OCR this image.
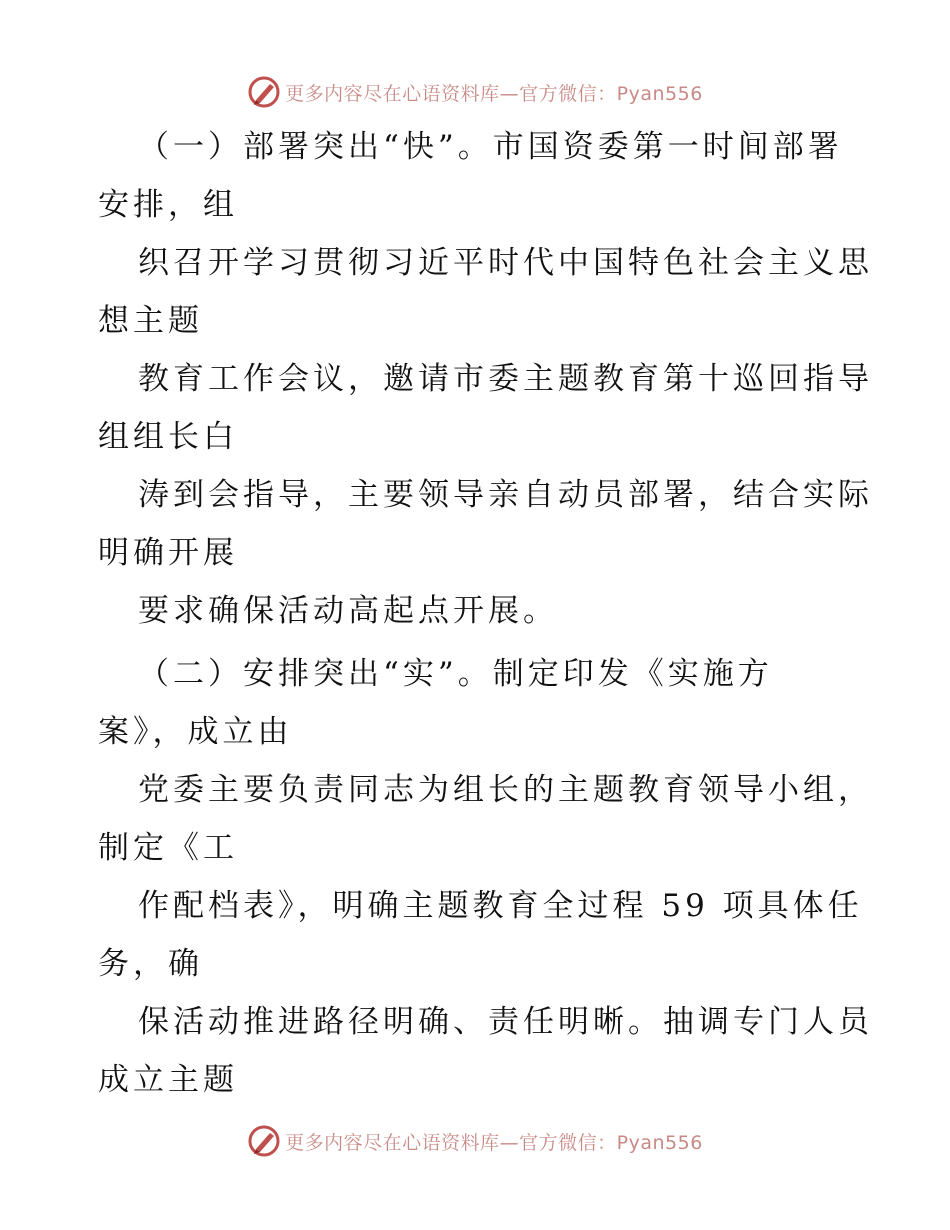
更多内容尽在心语资料库—官方微信：Pyan556
（一）部署突出“快”。市国资委第一时间部署
安排，组
织召开学习贯彻习近平时代中国特色社会主义思
想主题
教育工作会议，邀请市委主题教育第十巡回指导
组组长白
涛到会指导，主要领导亲自动员部署，结合实际
明确开展
要求确保活动高起点开展。
（二）安排突出“实”。制定印发《实施方
案》，成立由
党委主要负责同志为组长的主题教育领导小组，
制定《工
作配档表》，明确主题教育全过程 59 项具体任
务，确
保活动推进路径明确、责任明晰。抽调专门人员
成立主题
更多内容尽在心语资料库—官方微信：Pyan556
